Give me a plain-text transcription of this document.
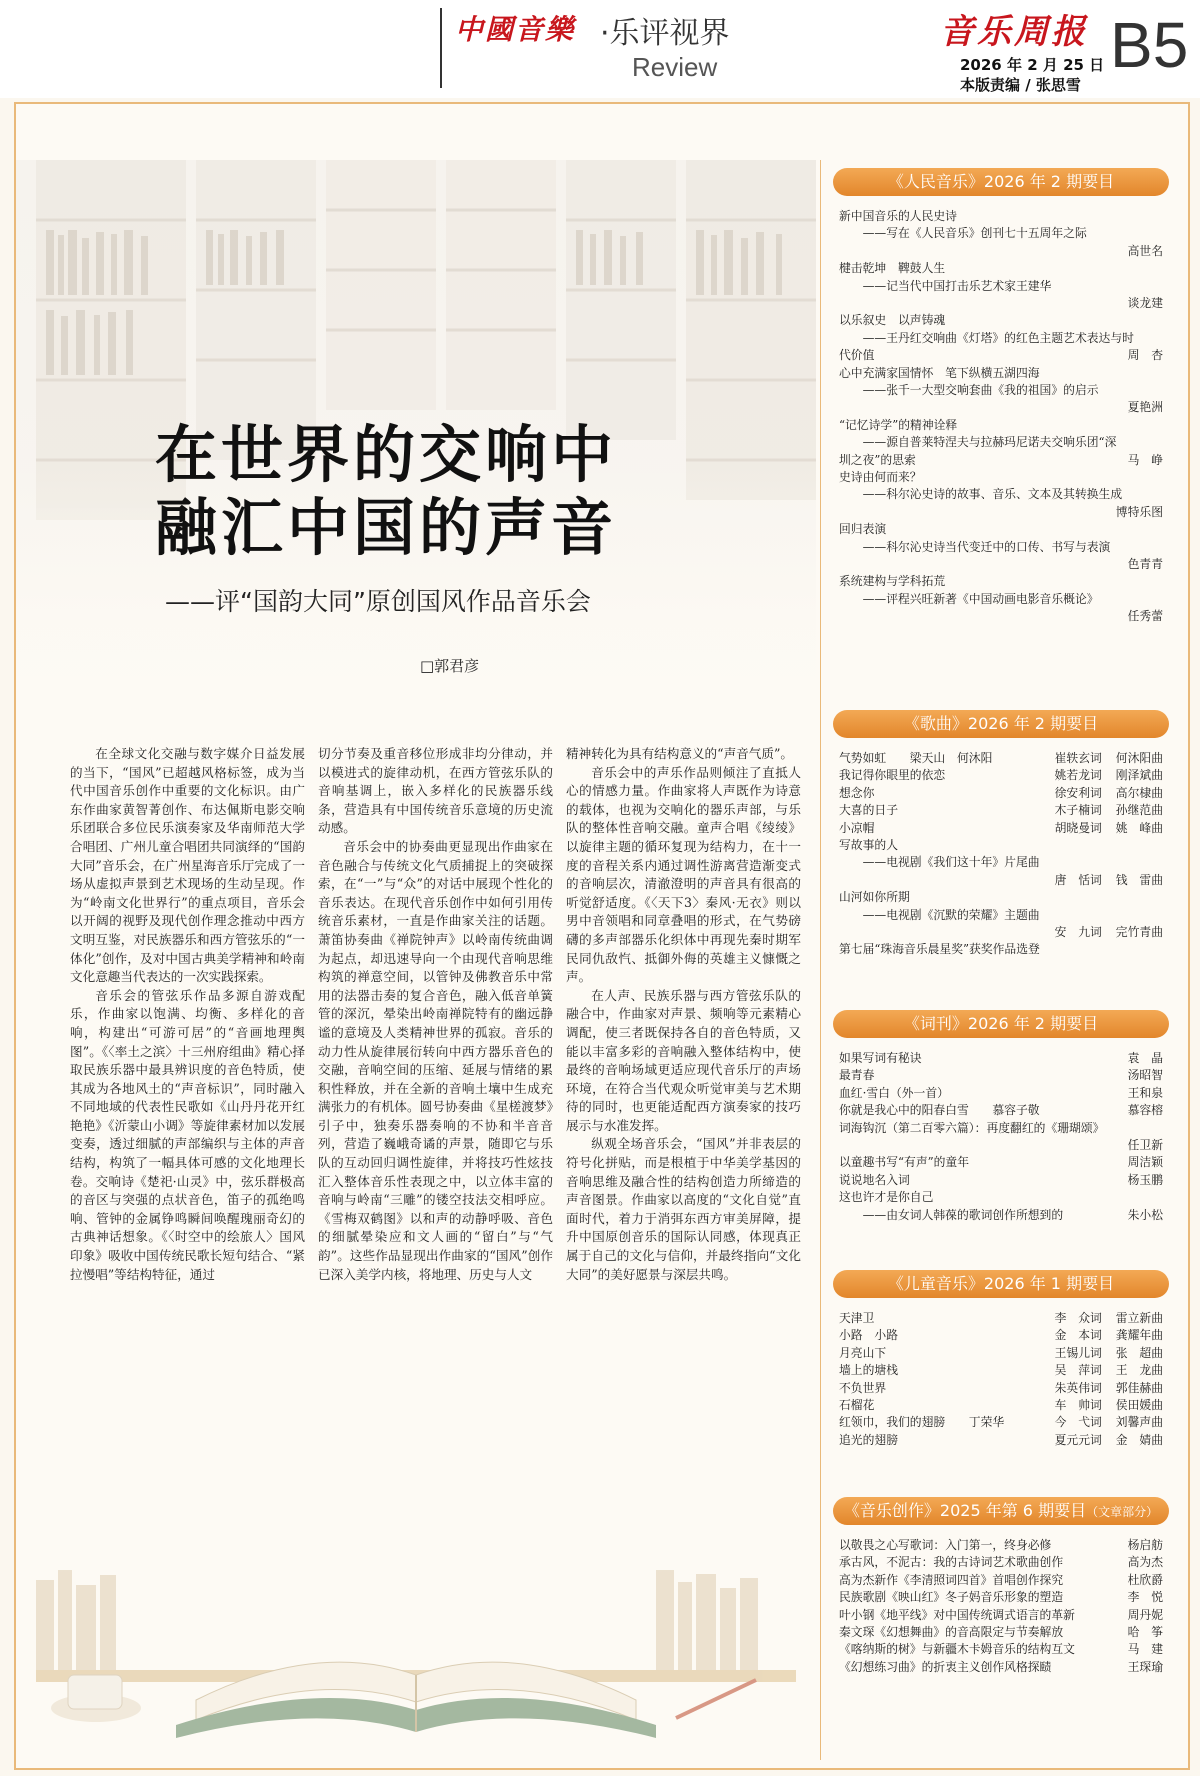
中國音樂 ·乐评视界
Review
音乐周报
2026 年 2 月 25 日
本版责编 / 张思雪
B5
在世界的交响中
融汇中国的声音
——评“国韵大同”原创国风作品音乐会
□郭君彦

在全球文化交融与数字媒介日益发展的当下，“国风”已超越风格标签，成为当代中国音乐创作中重要的文化标识。由广东作曲家黄智菁创作、布达佩斯电影交响乐团联合多位民乐演奏家及华南师范大学合唱团、广州儿童合唱团共同演绎的“国韵大同”音乐会，在广州星海音乐厅完成了一场从虚拟声景到艺术现场的生动呈现。作为“岭南文化世界行”的重点项目，音乐会以开阔的视野及现代创作理念推动中西方文明互鉴，对民族器乐和西方管弦乐的“一体化”创作，及对中国古典美学精神和岭南文化意趣当代表达的一次实践探索。

音乐会的管弦乐作品多源自游戏配乐，作曲家以饱满、均衡、多样化的音响，构建出“可游可居”的“音画地理舆图”。《〈率土之滨〉十三州府组曲》精心择取民族乐器中最具辨识度的音色特质，使其成为各地风土的“声音标识”，同时融入不同地域的代表性民歌如《山丹丹花开红艳艳》《沂蒙山小调》等旋律素材加以发展变奏，透过细腻的声部编织与主体的声音结构，构筑了一幅具体可感的文化地理长卷。交响诗《楚祀·山灵》中，弦乐群极高的音区与突强的点状音色，笛子的孤绝鸣响、管钟的金属铮鸣瞬间唤醒瑰丽奇幻的古典神话想象。《〈时空中的绘旅人〉国风印象》吸收中国传统民歌长短句结合、“紧拉慢唱”等结构特征，通过

切分节奏及重音移位形成非均分律动，并以模进式的旋律动机，在西方管弦乐队的音响基调上，嵌入多样化的民族器乐线条，营造具有中国传统音乐意境的历史流动感。

音乐会中的协奏曲更显现出作曲家在音色融合与传统文化气质捕捉上的突破探索，在“一”与“众”的对话中展现个性化的音乐表达。在现代音乐创作中如何引用传统音乐素材，一直是作曲家关注的话题。萧笛协奏曲《禅院钟声》以岭南传统曲调为起点，却迅速导向一个由现代音响思维构筑的禅意空间，以管钟及佛教音乐中常用的法器击奏的复合音色，融入低音单簧管的深沉，晕染出岭南禅院特有的幽远静谧的意境及人类精神世界的孤寂。音乐的动力性从旋律展衍转向中西方器乐音色的交融，音响空间的压缩、延展与情绪的累积性释放，并在全新的音响土壤中生成充满张力的有机体。圆号协奏曲《星槎渡梦》引子中，独奏乐器奏响的不协和半音音列，营造了巍峨奇谲的声景，随即它与乐队的互动回归调性旋律，并将技巧性炫技汇入整体音乐性表现之中，以立体丰富的音响与岭南“三雕”的镂空技法交相呼应。《雪梅双鹤图》以和声的动静呼吸、音色的细腻晕染应和文人画的“留白”与“气韵”。这些作品显现出作曲家的“国风”创作已深入美学内核，将地理、历史与人文

精神转化为具有结构意义的“声音气质”。

音乐会中的声乐作品则倾注了直抵人心的情感力量。作曲家将人声既作为诗意的载体，也视为交响化的器乐声部，与乐队的整体性音响交融。童声合唱《绫绫》以旋律主题的循环复现为结构力，在十一度的音程关系内通过调性游离营造渐变式的音响层次，清澈澄明的声音具有很高的听觉舒适度。《〈天下3〉秦风·无衣》则以男中音领唱和同章叠唱的形式，在气势磅礴的多声部器乐化织体中再现先秦时期军民同仇敌忾、抵御外侮的英雄主义慷慨之声。

在人声、民族乐器与西方管弦乐队的融合中，作曲家对声景、频响等元素精心调配，使三者既保持各自的音色特质，又能以丰富多彩的音响融入整体结构中，使最终的音响场域更适应现代音乐厅的声场环境，在符合当代观众听觉审美与艺术期待的同时，也更能适配西方演奏家的技巧展示与水准发挥。

纵观全场音乐会，“国风”并非表层的符号化拼贴，而是根植于中华美学基因的音响思维及融合性的结构创造力所缔造的声音图景。作曲家以高度的“文化自觉”直面时代，着力于消弭东西方审美屏障，提升中国原创音乐的国际认同感，体现真正属于自己的文化与信仰，并最终指向“文化大同”的美好愿景与深层共鸣。

《人民音乐》2026 年 2 期要目
新中国音乐的人民史诗
——写在《人民音乐》创刊七十五周年之际
高世名
楗击乾坤　鞞鼓人生
——记当代中国打击乐艺术家王建华
谈龙建
以乐叙史　以声铸魂
——王丹红交响曲《灯塔》的红色主题艺术表达与时
代价值	周　杏
心中充满家国情怀　笔下纵横五湖四海
——张千一大型交响套曲《我的祖国》的启示
夏艳洲
“记忆诗学”的精神诠释
——源自普莱特涅夫与拉赫玛尼诺夫交响乐团“深
圳之夜”的思索	马　峥
史诗由何而来？
——科尔沁史诗的故事、音乐、文本及其转换生成
博特乐图
回归表演
——科尔沁史诗当代变迁中的口传、书写与表演
色青青
系统建构与学科拓荒
——评程兴旺新著《中国动画电影音乐概论》
任秀蕾
《歌曲》2026 年 2 期要目
气势如虹　　梁天山　何沐阳	崔轶玄词 何沐阳曲
我记得你眼里的依恋	姚若龙词 刚泽斌曲
想念你	徐安利词 高尔棣曲
大喜的日子	木子楠词 孙继范曲
小凉帽	胡晓曼词 姚　峰曲
写故事的人
——电视剧《我们这十年》片尾曲
唐　恬词 钱　雷曲
山河如你所期
——电视剧《沉默的荣耀》主题曲
安　九词 完竹青曲
第七届“珠海音乐晨星奖”获奖作品选登
《词刊》2026 年 2 期要目
如果写词有秘诀	袁　晶
最青春	汤昭智
血红·雪白（外一首）	王和泉
你就是我心中的阳春白雪　　慕容子敬	慕容榕
词海钩沉（第二百零六篇）：再度翻红的《珊瑚颂》
任卫新
以童趣书写“有声”的童年	周洁颖
说说地名入词	杨玉鹏
这也许才是你自己
——由女词人韩葆的歌词创作所想到的	朱小松
《儿童音乐》2026 年 1 期要目
天津卫	李　众词 雷立新曲
小路　小路	金　本词 龚耀年曲
月亮山下	王锡儿词 张　超曲
墙上的塘栈	吴　萍词 王　龙曲
不负世界	朱英伟词 郭佳赫曲
石榴花	车　帅词 侯田媛曲
红领巾，我们的翅膀　　丁荣华	今　弋词 刘馨声曲
追光的翅膀	夏元元词 金　婧曲
《音乐创作》2025 年第 6 期要目（文章部分）
以敬畏之心写歌词：入门第一，终身必修	杨启舫
承古风，不泥古：我的古诗词艺术歌曲创作	高为杰
高为杰新作《李清照词四首》首唱创作探究	杜欣爵
民族歌剧《映山红》冬子妈音乐形象的塑造	李　悦
叶小钢《地平线》对中国传统调式语言的革新	周丹妮
秦文琛《幻想舞曲》的音高限定与节奏解放	哈　筝
《喀纳斯的树》与新疆木卡姆音乐的结构互文	马　建
《幻想练习曲》的折衷主义创作风格探赜	王琛瑜
